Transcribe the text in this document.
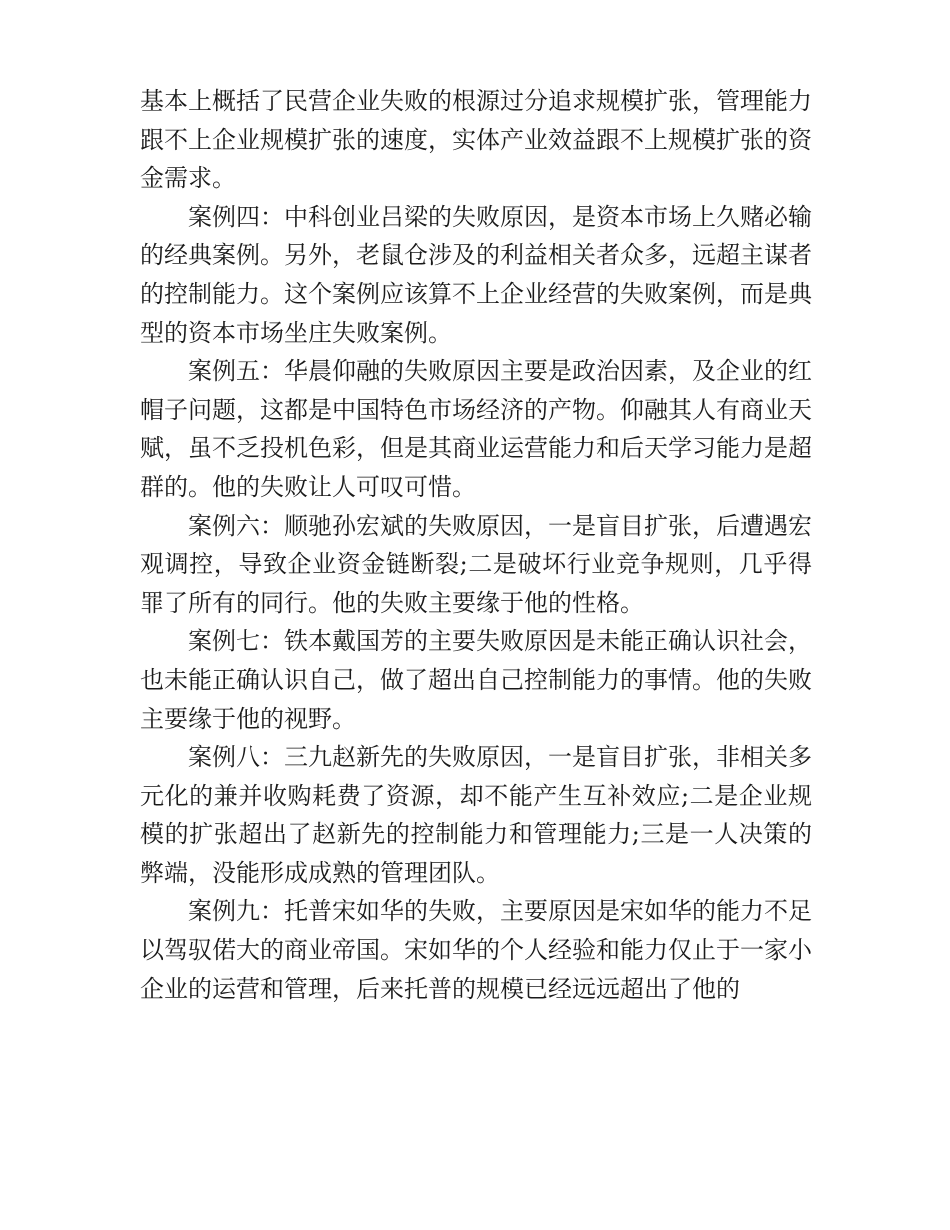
基本上概括了民营企业失败的根源过分追求规模扩张，管理能力跟不上企业规模扩张的速度，实体产业效益跟不上规模扩张的资金需求。

案例四：中科创业吕梁的失败原因，是资本市场上久赌必输的经典案例。另外，老鼠仓涉及的利益相关者众多，远超主谋者的控制能力。这个案例应该算不上企业经营的失败案例，而是典型的资本市场坐庄失败案例。

案例五：华晨仰融的失败原因主要是政治因素，及企业的红帽子问题，这都是中国特色市场经济的产物。仰融其人有商业天赋，虽不乏投机色彩，但是其商业运营能力和后天学习能力是超群的。他的失败让人可叹可惜。

案例六：顺驰孙宏斌的失败原因，一是盲目扩张，后遭遇宏观调控，导致企业资金链断裂;二是破坏行业竞争规则，几乎得罪了所有的同行。他的失败主要缘于他的性格。

案例七：铁本戴国芳的主要失败原因是未能正确认识社会，也未能正确认识自己，做了超出自己控制能力的事情。他的失败主要缘于他的视野。

案例八：三九赵新先的失败原因，一是盲目扩张，非相关多元化的兼并收购耗费了资源，却不能产生互补效应;二是企业规模的扩张超出了赵新先的控制能力和管理能力;三是一人决策的弊端，没能形成成熟的管理团队。

案例九：托普宋如华的失败，主要原因是宋如华的能力不足以驾驭偌大的商业帝国。宋如华的个人经验和能力仅止于一家小企业的运营和管理，后来托普的规模已经远远超出了他的
